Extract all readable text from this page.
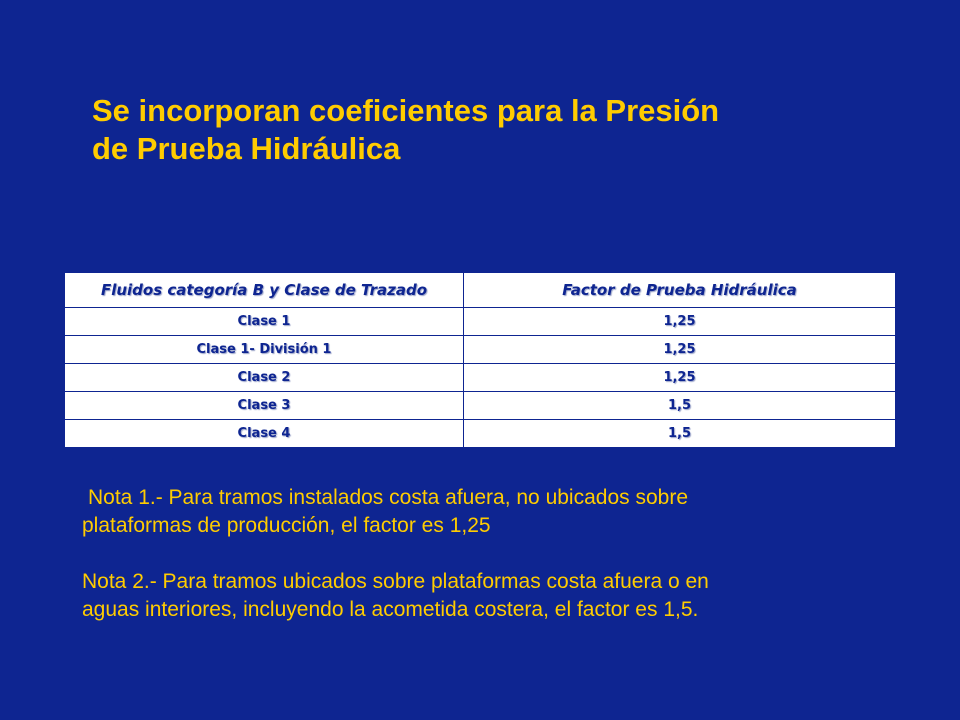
Se incorporan coeficientes para la Presión
de Prueba Hidráulica
Fluidos categoría B y Clase de Trazado	Factor de Prueba Hidráulica
Clase 1	1,25
Clase 1- División 1	1,25
Clase 2	1,25
Clase 3	1,5
Clase 4	1,5

Nota 1.- Para tramos instalados costa afuera, no ubicados sobre
plataformas de producción, el factor es 1,25

Nota 2.- Para tramos ubicados sobre plataformas costa afuera o en
aguas interiores, incluyendo la acometida costera, el factor es 1,5.
